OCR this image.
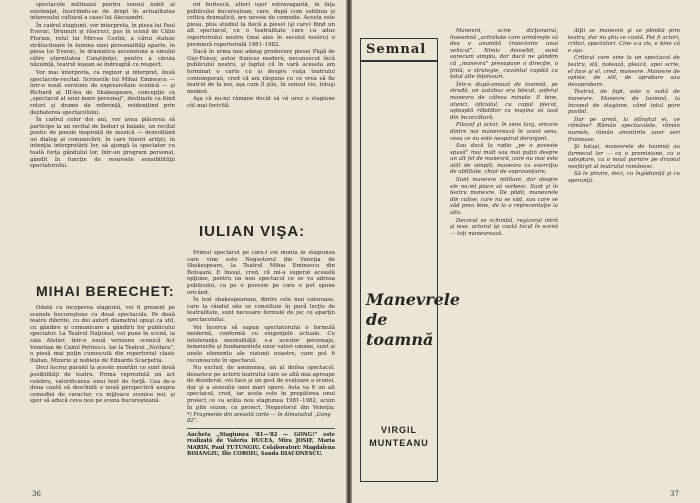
spectacole militează pentru sensul nobil al existenţei, înscriindu-se de drept în actualitatea interesului cultural a casei lui Alecsandri.

În cadrul stagiunii, vor interpreta, în piesa lui Paul Everac, Drumuri şi răscruci, pus în scenă de Călin Florian, rolul lui Mircea Costin, a cărui statuie strălucitoare în lumina unei personalităţi aparte, în piesa lui Everac, în dramatica ascensiune a omului către eternitatea Conştiinţei, pentru a căruia năzuinţă, teatrul ieşean se îndreaptă cu respect.

Vor mai interpreta, ca regizor şi interpret, două spectacole-recital: Scrisorile lui Mihai Eminescu — într-o nouă versiune de expresivitate scenică — şi Richard al III-lea de Shakespeare, concepţie ca „spectacol al unui mare personaj”, destinate ca fiind roluri şi drame de referinţă, evidenţiind prin dezbaterea spectacolului.

În cadrul celor doi ani, vor avea plăcerea să participe la un recital de lieduri şi balade, un recital poetic de poezie inspirată de muzică — dezvoltând un dialog al comunicării, în care tinerii artişti, în intenţia interpretării lor, să ajungă la spectator cu toată forţa gândului lor, într-un program personal, gândit în funcţie de resursele sensibilităţii spectatorului.

ori burlescă, altori uşor extravagantă, în faţa publicului bucureştean, care, după cum sublinia şi critica dramatică, are nevoie de comedie. Acesta este piesa, plus studiul la fiecă a piesei (şi care) fiind un alt spectacol, cu o teatralitate care i-a adus repertoriului nostru (mai ales în secolul nostru) o premieră repertorială 1981–1982.

Dacă în urma mai adaug producere piesei Plajă de Guy-Foissy, autor francez modern, necunoscut încă publicului nostru, şi faptul că în vară aceasta am terminat o carte cu şi despre viaţa teatrului contemporan, cred că am răspuns cu ce vrea să fie teatrul de la noi, aşa cum îl ştiu, în sensul viu, totuşi modest.

Aşa că nu-mi rămâne decât să vă urez o stagiune cât mai fericită.

IULIAN VIŞA:
MIHAI BERECHET:

Odată cu începerea stagiunii, voi fi prezent pe scenele bucureştene cu două spectacole. Pe două teatre diferite, cu doi autori diametral opuşi ca stil, cu gândire şi comunicare a gândirii lor publicului spectator. La Teatrul Naţional, voi pune în scenă, la sala Atelier, într-o nouă versiune scenică Act Venetian de Camil Petrescu. Iar la Teatrul „Nottara”, o piesă mai puţin cunoscută din repertoriul clasic italian, Mizerie şi noblețe de Eduardo Scarpetta.

Deci lucrez paralel la aceste montări ce sunt două posibilităţi de teatru. Prima reprezintă un act celebru, valorificarea unui text de forţă. Cea de-a doua caută să deschidă o nouă perspectivă asupra comediei de caracter, cu mijloace scenice noi, şi sper să aducă ceva nou pe scena bucureşteană.

Primul spectacol pe care-l voi monta în stagiunea care vine este Negustorul din Veneţia de Shakespeare, la Teatrul Mihai Eminescu din Botoşani. E însuşi, cred, că mi-a sugerat această opţiune, pentru un nou spectacol ce se va adresa publicului, ca pe o poveste pe care o pot spune oricând.

În text shakespearean, dintre cele mai valoroase, care la rândul său se constituie în pură lecţie de teatralitate, sunt necesare formule de joc ce aparţin spectacolului.

Voi încerca să supun spectatorului o formulă modernă, conformă cu exigenţele actuale. Cu intoleranţa mentalităţii, s-a acestor personaje, temeiurile şi fundamentele unor valori umane, sunt şi unele elemente ale viziunii noastre, care pot fi recunoscute în spectacol.

Nu exclud, de asemenea, un al doilea spectacol, deoarece pe actorii teatrului care se află mai aproape de deziderat, voi face şi un gest de evaluare a scenei, dar şi a sensului unei mari opere. Asta va fi un alt spectacol, cred, iar acela este în pregătirea unui proiect ce va arăta nou stagiunea 1981–1982, acum în plin sezon; ca proiect, Negustorul din Veneţia;

*) Fragmente din această carte — în Almanahul „Gong 82”.
Ancheta „Stagiunea '81—'82 — GONG!” este realizată de Valeria DUCEA, Mira JOSIF, Maria MARIN, Paul TUTUNGIU. Colaboratori: Magdalena BOIANGIU, Ilie COROIU, Sanda DIACONESCU.
36
Semnal
Manevrele de toamnă
VIRGIL MUNTEANU

Manevră, scrie dicţionarul, înseamnă „activitate care urmăreşte să dea o anumită traiectorie unui vehicul”. Nimic deosebit, sună oarecum simplu, dar dacă ne gândim că „manevra” presupune o direcţie, o ţintă, o strategie, cuvântul capătă cu totul alte înţelesuri.

Într-o după-amiază de toamnă, pe stradă, un autobuz era blocat, şoferul manevra de câteva minute. E bine, atunci, oficialul, cu capul plecat, aşteaptă răbdător ca maşina să iasă din încurcătură.

Filozof şi actor, în sens larg, oricare dintre noi manevrează în acest sens, ceea ce nu este neapărat deranjant.

Sau dacă la radio „pe o poveste spusă” mai mult sau mai puţin despre un alt fel de manevră, care nu mai este atât de simplă, manevra ca exerciţiu de abilitate, chiar de supravieţuire.

Sunt manevre militare, dar despre ele nu-mi place să vorbesc. Sunt şi în teatru manevre. De pildă, manevrele din culise, care nu se văd, sau care se văd prea bine, de la o reprezentaţie la alta.

Decorul se schimbă, regizorul intră şi iese, actorul îşi caută locul în scenă — toţi manevrează.

Alţii se manevră şi se plimbă prin teatru, dar nu ştiu ce caută. Pot fi actori, critici, spectatori. Cine s-a zis, e bine că e aşa.

Criticul care vine la un spectacol de teatru, stă, notează, pleacă, apoi scrie, el face şi el, cred, manevre. Manevre de opinie, de stil, de aprobare sau dezaprobare.

Teatrul, de fapt, este o suită de manevre. Manevre de toamnă, la început de stagiune, când totul pare posibil.

Dar pe urmă, la sfârşitul ei, ce rămâne? Rămân spectacolele, rămân numele, rămân amintirile unor seri frumoase.

Şi totuşi, manevrele de toamnă au farmecul lor — ca o promisiune, ca o aşteptare, ca o nouă pornire pe drumul nesfârşit al teatrului românesc.

Să le privim, deci, cu îngăduinţă şi cu speranţă.

37
